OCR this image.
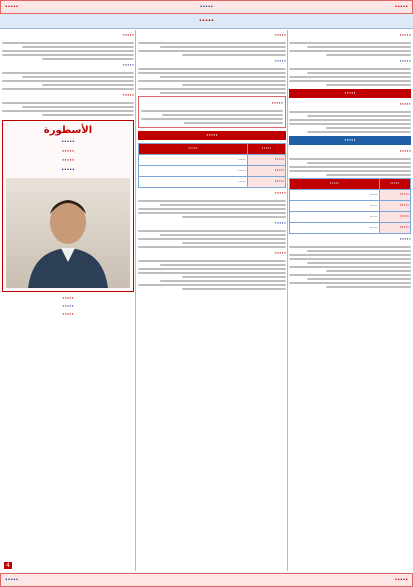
·····
·····
·····
·····
·····
·····
·····
·····
·····
·····
·····	·····
·····	·····
·····	·····
·····	·····
·····	·····
·····
·····
·····
·····
·····
·····	·····
·····	·····
·····	·····
·····	·····
·····
·····
·····
·····
·····
·····
الأسطورة
·····
·····
·····
·····
·····
·····
·····
4
·····
·····
